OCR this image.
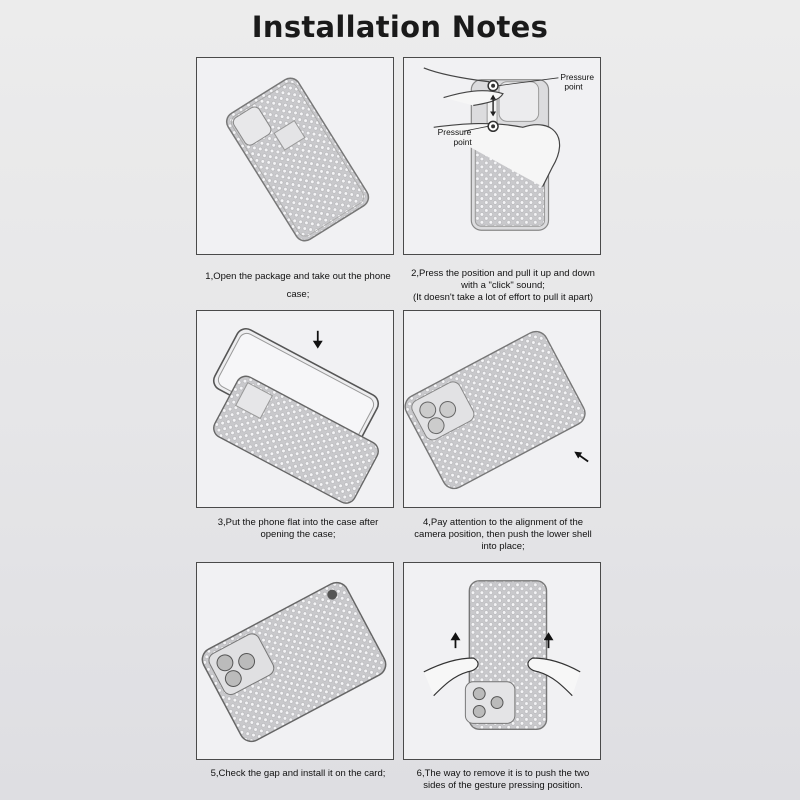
Installation Notes
1,Open the package and take out the phone
case;
Pressure
point
Pressure
point
2,Press the position and pull it up and down
with a "click" sound;
(It doesn't take a lot of effort to pull it apart)
3,Put the phone flat into the case after
opening the case;
4,Pay attention to the alignment of the
camera position, then push the lower shell
into place;
5,Check the gap and install it on the card;	6,The way to remove it is to push the two
sides of the gesture pressing position.
